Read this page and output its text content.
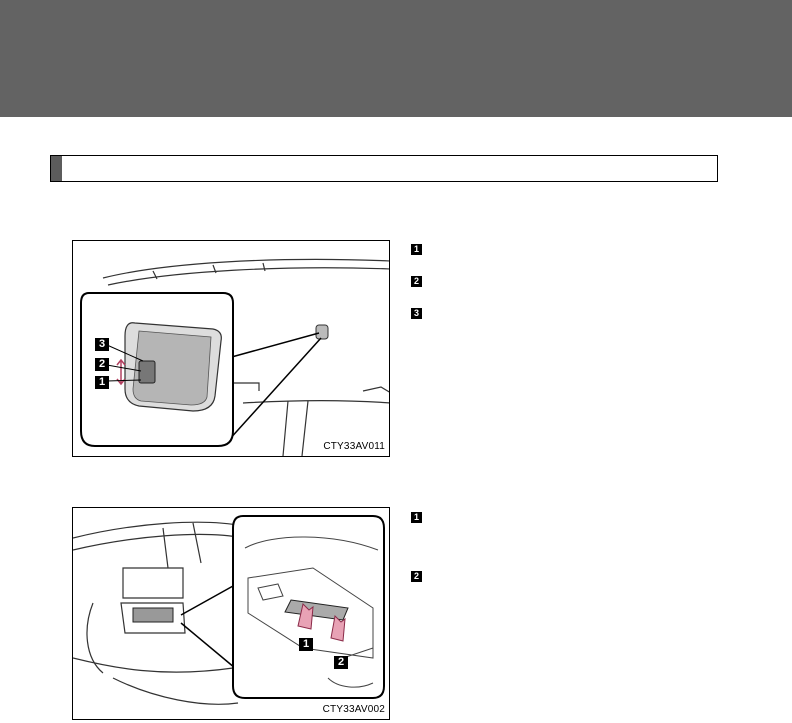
3
2
1
CTY33AV011
1
2
CTY33AV002
1
2
3
1
2
